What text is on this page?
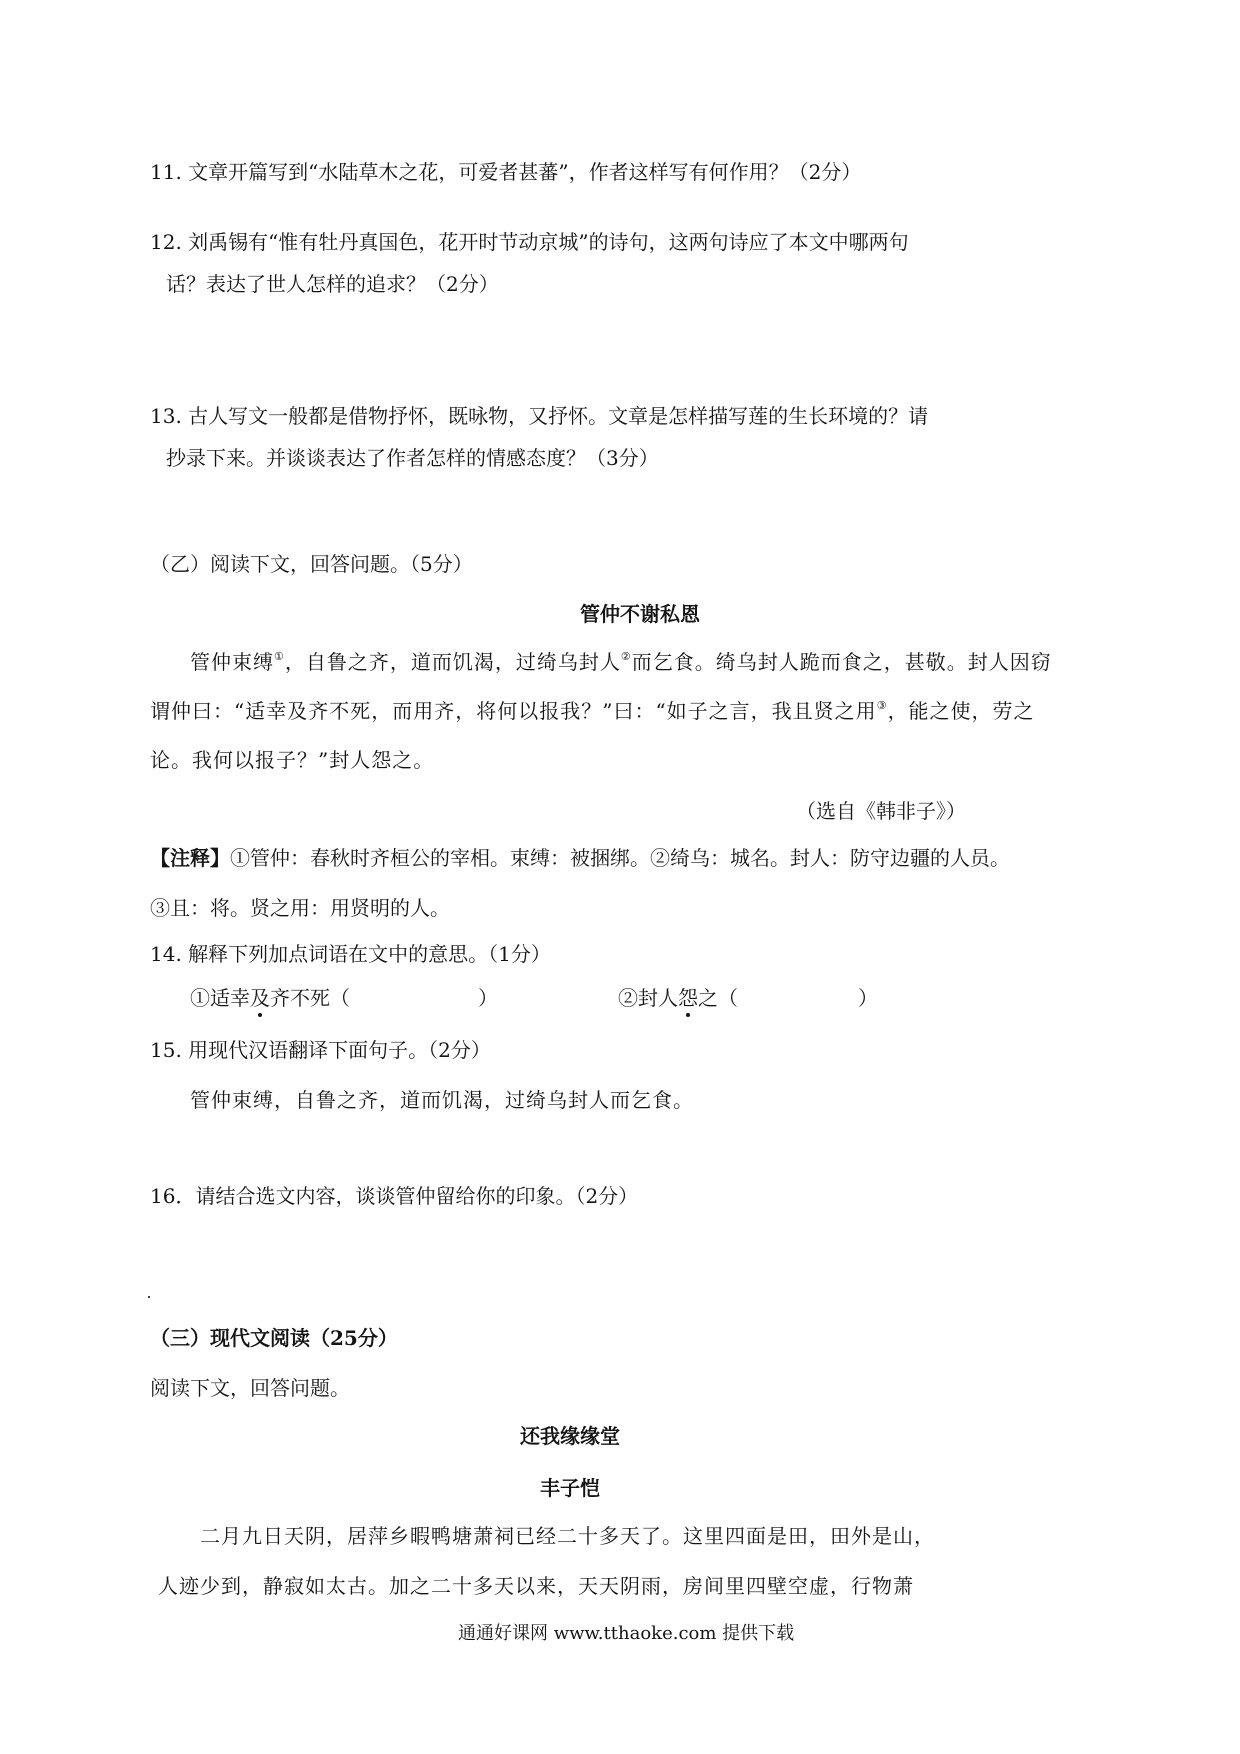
11. 文章开篇写到“水陆草木之花，可爱者甚蕃”，作者这样写有何作用？（2分）
12. 刘禹锡有“惟有牡丹真国色，花开时节动京城”的诗句，这两句诗应了本文中哪两句
话？表达了世人怎样的追求？（2分）
13. 古人写文一般都是借物抒怀，既咏物，又抒怀。文章是怎样描写莲的生长环境的？请
抄录下来。并谈谈表达了作者怎样的情感态度？（3分）
（乙）阅读下文，回答问题。（5分）
管仲不谢私恩
管仲束缚①，自鲁之齐，道而饥渴，过绮乌封人②而乞食。绮乌封人跪而食之，甚敬。封人因窃
谓仲曰：“适幸及齐不死，而用齐，将何以报我？”曰：“如子之言，我且贤之用③，能之使，劳之
论。我何以报子？”封人怨之。
（选自《韩非子》）
【注释】①管仲：春秋时齐桓公的宰相。束缚：被捆绑。②绮乌：城名。封人：防守边疆的人员。
③且：将。贤之用：用贤明的人。
14. 解释下列加点词语在文中的意思。（1分）
①适幸及齐不死（	）	②封人怨之（	）
15. 用现代汉语翻译下面句子。（2分）
管仲束缚，自鲁之齐，道而饥渴，过绮乌封人而乞食。
16．请结合选文内容，谈谈管仲留给你的印象。（2分）
（三）现代文阅读（25分）
阅读下文，回答问题。
还我缘缘堂
丰子恺
二月九日天阴，居萍乡暇鸭塘萧祠已经二十多天了。这里四面是田，田外是山，
人迹少到，静寂如太古。加之二十多天以来，天天阴雨，房间里四壁空虚，行物萧
通通好课网 www.tthaoke.com 提供下载
